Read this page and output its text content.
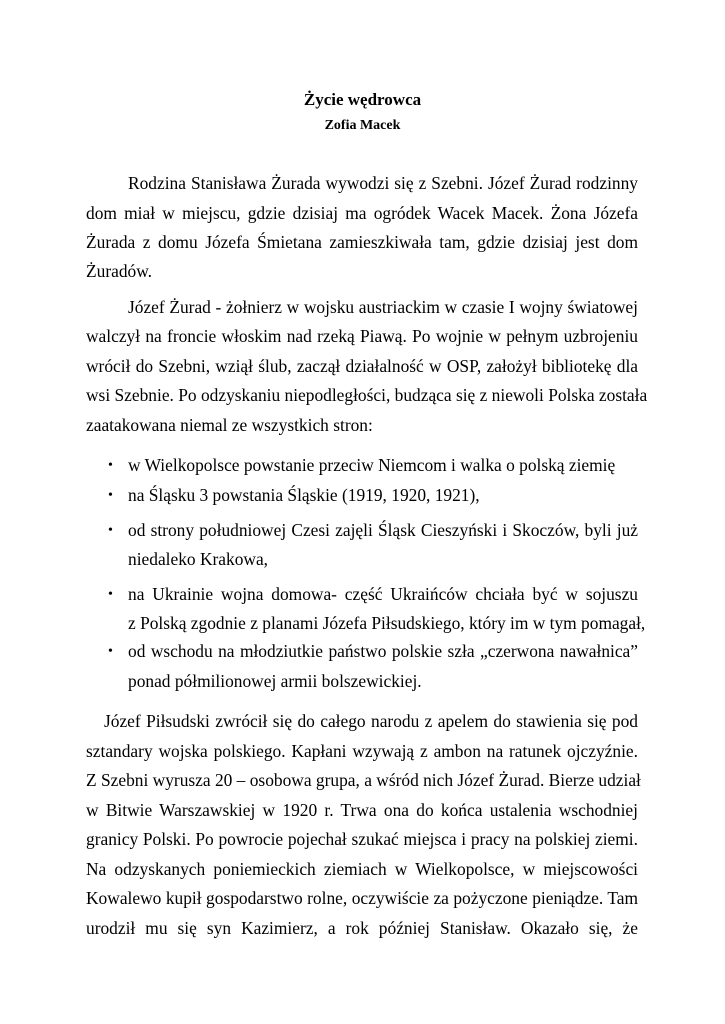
Życie wędrowca
Zofia Macek
Rodzina Stanisława Żurada wywodzi się z Szebni. Józef Żurad rodzinny
dom miał w miejscu, gdzie dzisiaj ma ogródek Wacek Macek. Żona Józefa
Żurada z domu Józefa Śmietana zamieszkiwała tam, gdzie dzisiaj jest dom
Żuradów.
Józef Żurad - żołnierz w wojsku austriackim w czasie I wojny światowej
walczył na froncie włoskim nad rzeką Piawą. Po wojnie w pełnym uzbrojeniu
wrócił do Szebni, wziął ślub, zaczął działalność w OSP, założył bibliotekę dla
wsi Szebnie. Po odzyskaniu niepodległości, budząca się z niewoli Polska została
zaatakowana niemal ze wszystkich stron:
• w Wielkopolsce powstanie przeciw Niemcom i walka o polską ziemię
• na Śląsku 3 powstania Śląskie (1919, 1920, 1921),
• od strony południowej Czesi zajęli Śląsk Cieszyński i Skoczów, byli już
niedaleko Krakowa,
• na Ukrainie wojna domowa- część Ukraińców chciała być w sojuszu
z Polską zgodnie z planami Józefa Piłsudskiego, który im w tym pomagał,
• od wschodu na młodziutkie państwo polskie szła „czerwona nawałnica”
ponad półmilionowej armii bolszewickiej.
Józef Piłsudski zwrócił się do całego narodu z apelem do stawienia się pod
sztandary wojska polskiego. Kapłani wzywają z ambon na ratunek ojczyźnie.
Z Szebni wyrusza 20 – osobowa grupa, a wśród nich Józef Żurad. Bierze udział
w Bitwie Warszawskiej w 1920 r. Trwa ona do końca ustalenia wschodniej
granicy Polski. Po powrocie pojechał szukać miejsca i pracy na polskiej ziemi.
Na odzyskanych poniemieckich ziemiach w Wielkopolsce, w miejscowości
Kowalewo kupił gospodarstwo rolne, oczywiście za pożyczone pieniądze. Tam
urodził mu się syn Kazimierz, a rok później Stanisław. Okazało się, że
